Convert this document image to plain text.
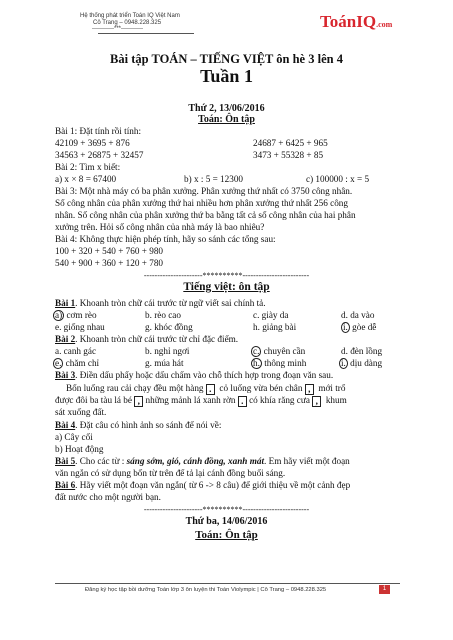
Hệ thống phát triển Toán IQ Việt Nam
Cô Trang – 0948.228.325
-----------***-----------	ToánIQ.com
Bài tập TOÁN – TIẾNG VIỆT ôn hè 3 lên 4
Tuần 1
Thứ 2, 13/06/2016
Toán: Ôn tập
Bài 1: Đặt tính rồi tính:
42109 + 3695 + 876	24687 + 6425 + 965
34563 + 26875 + 32457	3473 + 55328 + 85
Bài 2: Tìm x biết:
a) x × 8 = 67400	b) x : 5 = 12300	c) 100000 : x = 5
Bài 3: Một nhà máy có ba phân xưởng. Phân xưởng thứ nhất có 3750 công nhân.
Số công nhân của phân xưởng thứ hai nhiều hơn phân xưởng thứ nhất 256 công
nhân. Số công nhân của phân xưởng thứ ba bằng tất cả số công nhân của hai phân
xưởng trên. Hỏi số công nhân của nhà máy là bao nhiêu?
Bài 4: Không thực hiện phép tính, hãy so sánh các tổng sau:
100 + 320 + 540 + 760 + 980
540 + 900 + 360 + 120 + 780
----------------------**********-------------------------
Tiếng việt: ôn tập
Bài 1. Khoanh tròn chữ cái trước từ ngữ viết sai chính tả.
a) cơm rèo	b. rèo cao	c. giày da	d. da vào
e. giống nhau	g. khóc đồng	h. giảng bài	i. gòe dễ
Bài 2. Khoanh tròn chữ cái trước từ chỉ đặc điểm.
a. canh gác	b. nghỉ ngơi	c. chuyên cần	d. đèn lồng
e. chăm chỉ	g. múa hát	h. thông minh	i. dịu dàng
Bài 3. Điền dấu phẩy hoặc dấu chấm vào chỗ thích hợp trong đoạn văn sau.
Bốn luống rau cải chạy đều một hàng . cỏ luống vừa bén chân , mới trổ
được đôi ba tàu lá bé , những mảnh lá xanh rờn . có khía răng cưa , khum
sát xuống đất.
Bài 4. Đặt câu có hình ảnh so sánh để nói về:
a) Cây cối
b) Hoạt động
Bài 5. Cho các từ : sáng sớm, gió, cánh đồng, xanh mát. Em hãy viết một đoạn
văn ngắn có sử dụng bốn từ trên để tả lại cánh đồng buổi sáng.
Bài 6. Hãy viết một đoạn văn ngắn( từ 6 -> 8 câu) để giới thiệu về một cảnh đẹp
đất nước cho một người bạn.
----------------------**********-------------------------
Thứ ba, 14/06/2016
Toán: Ôn tập
Đăng ký học tập bồi dưỡng Toán lớp 3 ôn luyện thi Toán Violympic | Cô Trang – 0948.228.325	1
